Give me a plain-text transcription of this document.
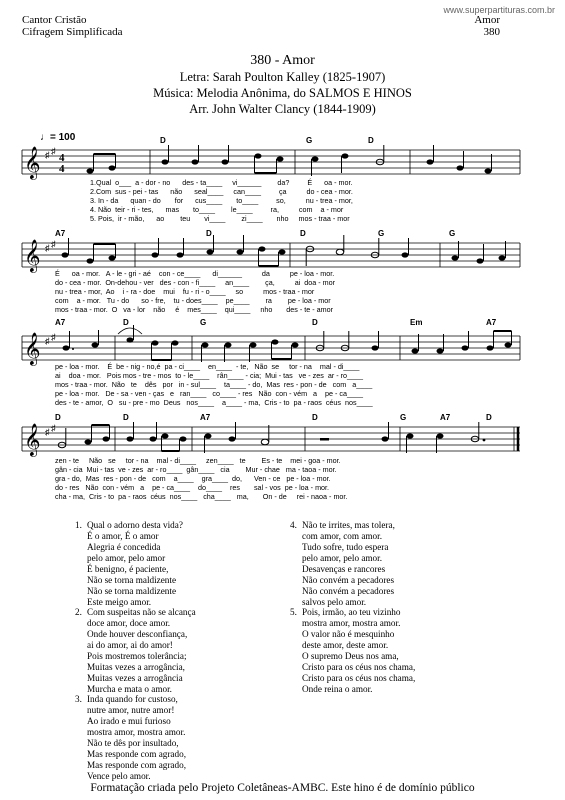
Cantor Cristão
Cifragem Simplificada
www.superpartituras.com.br
Amor
380
380 - Amor
Letra: Sarah Poulton Kalley (1825-1907)
Música: Melodia Anônima, do SALMOS E HINOS
Arr. John Walter Clancy (1844-1909)
♩= 100
𝄞 ♯ ♯
4
4
D	G	D
1.Qual  o___  a - dor - no      des - ta____     vi______        da?         É      oa - mor.
2.Com  sus - pei - tas      não      seal____     can____         ça          do - cea - mor.
3. In - da      quan - do       for      cus____       to____         so,          nu - trea - mor,
4. Não  teir - ri - tes,      mas       to____        le____         ra,          com    a - mor
5. Pois,  ir - mão,      ao        teu       vi____        zi____       nho     mos - traa - mor
𝄞 ♯ ♯
A7	D	D	G	G
É      oa - mor.   A - le - gri - aé    con - ce____      di______          da          pe - loa - mor.
do - cea - mor.  On-dehou - ver   des - con - fi____     an____        ça,          ai  doa - mor
nu - trea - mor,  Ao    i - ra - doe    mui    fu - ri - o____     so          mos - traa - mor
com    a - mor.   Tu - do      so - fre,    tu - does____    pe____        ra        pe - loa - mor
mos - traa - mor.  O   va - lor    não     é    mes____    qui____     nho       des - te - amor
𝄞 ♯ ♯
A7	D	G	D	Em	A7
pe - loa - mor.    É  be - nig - no,é  pa - ci____    en____  - te,   Não  se     tor - na    mal - di____
ai    doa - mor.   Pois mos - tre - mos  to - le____    rân____ - cia;  Mui - tas   ve - zes  ar - ro____
mos - traa - mor.  Não   te    dês   por   in - sul____    ta____ - do,  Mas  res - pon - de   com   a____
pe - loa - mor.   De - sa - ven - ças   e   ran____   co____ - res   Não  con - vém   a    pe - ca____
des - te - amor,  O   su - pre - mo  Deus   nos____    a____ - ma,  Cris - to  pa - raos  céus  nos____
𝄞 ♯ ♯
D	D	A7	D	G	A7	D
zen - te     Não   se     tor - na    mal - di____     zen____   te        Es - te    mei - goa - mor.
gân - cia  Mui - tas  ve - zes  ar - ro____  gân____   cia        Mur - chae   ma - taoa - mor.
gra - do,  Mas  res - pon - de   com    a____    gra____  do,      Ven - ce   pe - loa - mor.
do - res   Não  con - vém   a    pe - ca____    do____    res       sal - vos  pe - loa - mor.
cha - ma,  Cris - to  pa - raos  céus  nos____   cha____   ma,       On - de     rei - naoa - mor.
1. Qual o adorno desta vida?
É o amor, É o amor
Alegria é concedida
pelo amor, pelo amor
É benigno, é paciente,
Não se torna maldizente
Não se torna maldizente
Este meigo amor.
2. Com suspeitas não se alcança
doce amor, doce amor.
Onde houver desconfiança,
ai do amor, ai do amor!
Pois mostremos tolerância;
Muitas vezes a arrogância,
Muitas vezes a arrogância
Murcha e mata o amor.
3. Inda quando for custoso,
nutre amor, nutre amor!
Ao irado e mui furioso
mostra amor, mostra amor.
Não te dês por insultado,
Mas responde com agrado,
Mas responde com agrado,
Vence pelo amor.
4. Não te irrites, mas tolera,
com amor, com amor.
Tudo sofre, tudo espera
pelo amor, pelo amor.
Desavenças e rancores
Não convém a pecadores
Não convém a pecadores
salvos pelo amor.
5. Pois, irmão, ao teu vizinho
mostra amor, mostra amor.
O valor não é mesquinho
deste amor, deste amor.
O supremo Deus nos ama,
Cristo para os céus nos chama,
Cristo para os céus nos chama,
Onde reina o amor.
Formatação criada pelo Projeto Coletâneas-AMBC. Este hino é de domínio público
